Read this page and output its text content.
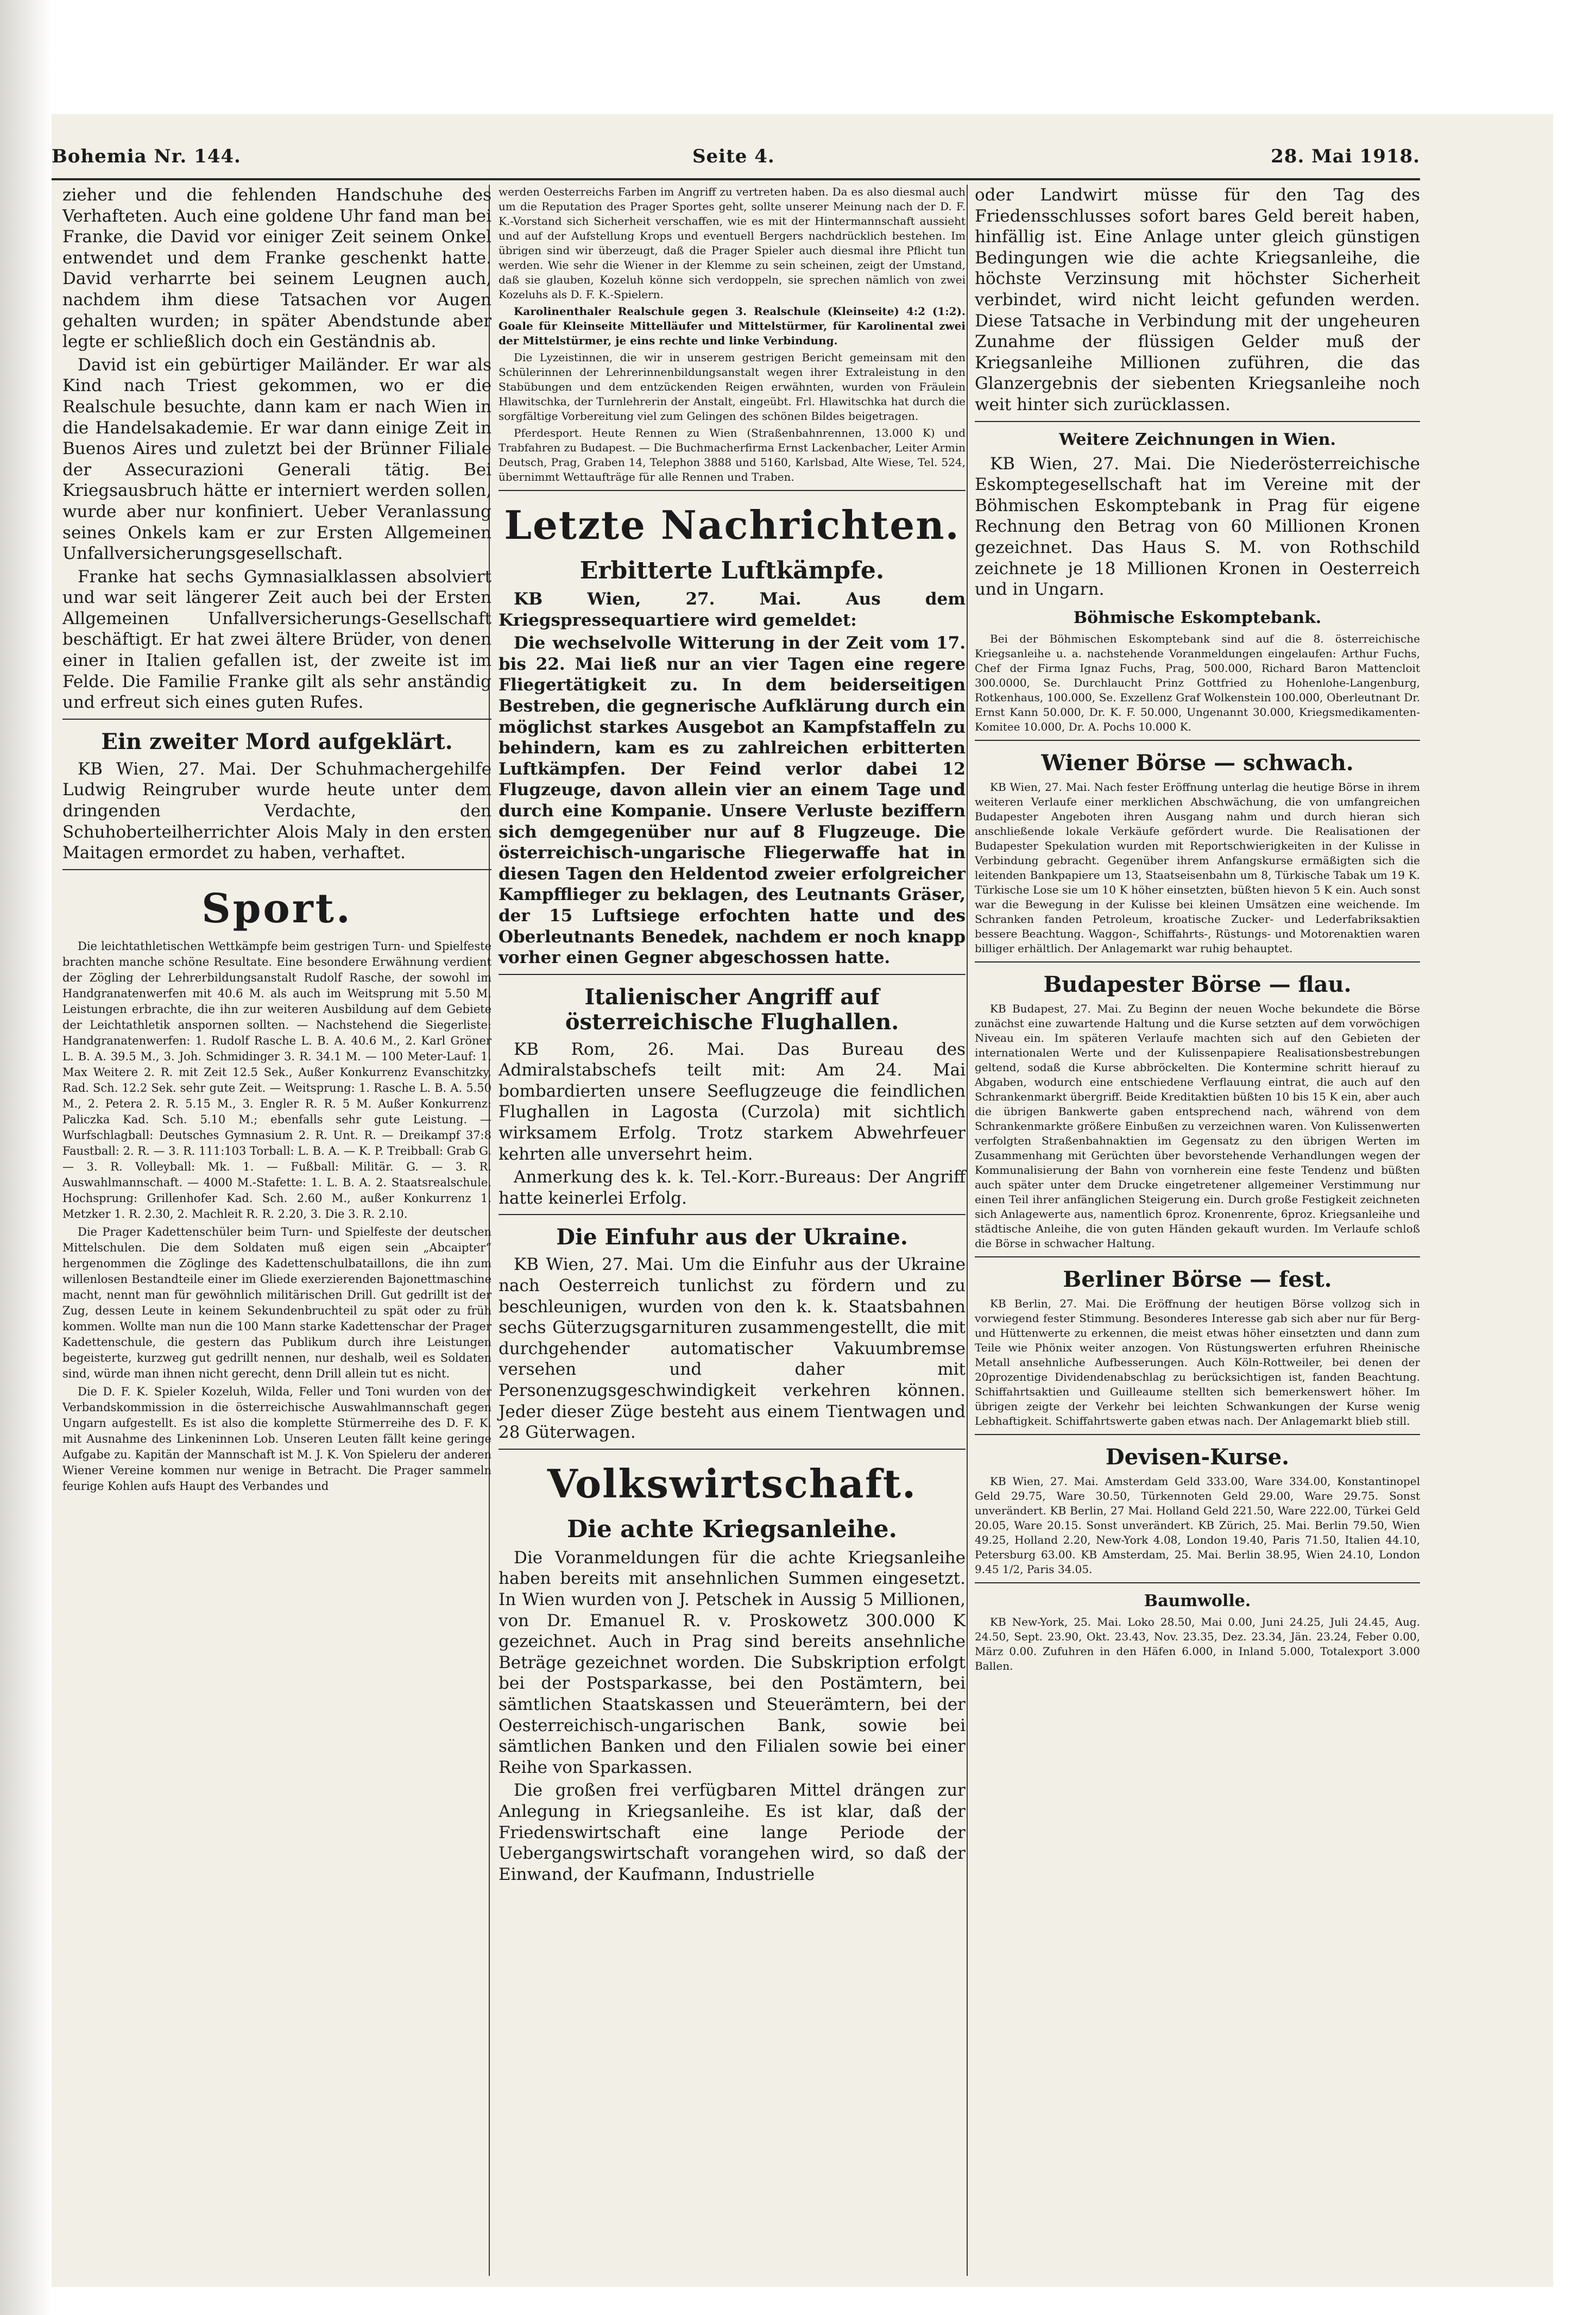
Bohemia Nr. 144.	Seite 4.	28. Mai 1918.

zieher und die fehlenden Handschuhe des Verhafteten. Auch eine goldene Uhr fand man bei Franke, die David vor einiger Zeit seinem Onkel entwendet und dem Franke geschenkt hatte. David verharrte bei seinem Leugnen auch, nachdem ihm diese Tatsachen vor Augen gehalten wurden; in später Abendstunde aber legte er schließlich doch ein Geständnis ab.

David ist ein gebürtiger Mailänder. Er war als Kind nach Triest gekommen, wo er die Realschule besuchte, dann kam er nach Wien in die Handelsakademie. Er war dann einige Zeit in Buenos Aires und zuletzt bei der Brünner Filiale der Assecurazioni Generali tätig. Bei Kriegsausbruch hätte er interniert werden sollen, wurde aber nur konfiniert. Ueber Veranlassung seines Onkels kam er zur Ersten Allgemeinen Unfallversicherungsgesellschaft.

Franke hat sechs Gymnasialklassen absolviert und war seit längerer Zeit auch bei der Ersten Allgemeinen Unfallversicherungs-Gesellschaft beschäftigt. Er hat zwei ältere Brüder, von denen einer in Italien gefallen ist, der zweite ist im Felde. Die Familie Franke gilt als sehr anständig und erfreut sich eines guten Rufes.

Ein zweiter Mord aufgeklärt.

KB Wien, 27. Mai. Der Schuhmachergehilfe Ludwig Reingruber wurde heute unter dem dringenden Verdachte, den Schuhoberteilherrichter Alois Maly in den ersten Maitagen ermordet zu haben, verhaftet.

Sport.

Die leichtathletischen Wettkämpfe beim gestrigen Turn- und Spielfeste brachten manche schöne Resultate. Eine besondere Erwähnung verdient der Zögling der Lehrerbildungsanstalt Rudolf Rasche, der sowohl im Handgranatenwerfen mit 40.6 M. als auch im Weitsprung mit 5.50 M. Leistungen erbrachte, die ihn zur weiteren Ausbildung auf dem Gebiete der Leichtathletik anspornen sollten. — Nachstehend die Siegerliste: Handgranatenwerfen: 1. Rudolf Rasche L. B. A. 40.6 M., 2. Karl Gröner L. B. A. 39.5 M., 3. Joh. Schmidinger 3. R. 34.1 M. — 100 Meter-Lauf: 1. Max Weitere 2. R. mit Zeit 12.5 Sek., Außer Konkurrenz Evanschitzky, Rad. Sch. 12.2 Sek. sehr gute Zeit. — Weitsprung: 1. Rasche L. B. A. 5.50 M., 2. Petera 2. R. 5.15 M., 3. Engler R. R. 5 M. Außer Konkurrenz: Paliczka Kad. Sch. 5.10 M.; ebenfalls sehr gute Leistung. — Wurfschlagball: Deutsches Gymnasium 2. R. Unt. R. — Dreikampf 37:8 Faustball: 2. R. — 3. R. 111:103 Torball: L. B. A. — K. P. Treibball: Grab G. — 3. R. Volleyball: Mk. 1. — Fußball: Militär. G. — 3. R. Auswahlmannschaft. — 4000 M.-Stafette: 1. L. B. A. 2. Staatsrealschule. Hochsprung: Grillenhofer Kad. Sch. 2.60 M., außer Konkurrenz 1. Metzker 1. R. 2.30, 2. Machleit R. R. 2.20, 3. Die 3. R. 2.10.

Die Prager Kadettenschüler beim Turn- und Spielfeste der deutschen Mittelschulen. Die dem Soldaten muß eigen sein „Abcaipter“ hergenommen die Zöglinge des Kadettenschulbataillons, die ihn zum willenlosen Bestandteile einer im Gliede exerzierenden Bajonettmaschine macht, nennt man für gewöhnlich militärischen Drill. Gut gedrillt ist der Zug, dessen Leute in keinem Sekundenbruchteil zu spät oder zu früh kommen. Wollte man nun die 100 Mann starke Kadettenschar der Prager Kadettenschule, die gestern das Publikum durch ihre Leistungen begeisterte, kurzweg gut gedrillt nennen, nur deshalb, weil es Soldaten sind, würde man ihnen nicht gerecht, denn Drill allein tut es nicht.

Die D. F. K. Spieler Kozeluh, Wilda, Feller und Toni wurden von der Verbandskommission in die österreichische Auswahlmannschaft gegen Ungarn aufgestellt. Es ist also die komplette Stürmerreihe des D. F. K. mit Ausnahme des Linkeninnen Lob. Unseren Leuten fällt keine geringe Aufgabe zu. Kapitän der Mannschaft ist M. J. K. Von Spieleru der anderen Wiener Vereine kommen nur wenige in Betracht. Die Prager sammeln feurige Kohlen aufs Haupt des Verbandes und

werden Oesterreichs Farben im Angriff zu vertreten haben. Da es also diesmal auch um die Reputation des Prager Sportes geht, sollte unserer Meinung nach der D. F. K.-Vorstand sich Sicherheit verschaffen, wie es mit der Hintermannschaft aussieht und auf der Aufstellung Krops und eventuell Bergers nachdrücklich bestehen. Im übrigen sind wir überzeugt, daß die Prager Spieler auch diesmal ihre Pflicht tun werden. Wie sehr die Wiener in der Klemme zu sein scheinen, zeigt der Umstand, daß sie glauben, Kozeluh könne sich verdoppeln, sie sprechen nämlich von zwei Kozeluhs als D. F. K.-Spielern.

Karolinenthaler Realschule gegen 3. Realschule (Kleinseite) 4:2 (1:2). Goale für Kleinseite Mittelläufer und Mittelstürmer, für Karolinental zwei der Mittelstürmer, je eins rechte und linke Verbindung.

Die Lyzeistinnen, die wir in unserem gestrigen Bericht gemeinsam mit den Schülerinnen der Lehrerinnenbildungsanstalt wegen ihrer Extraleistung in den Stabübungen und dem entzückenden Reigen erwähnten, wurden von Fräulein Hlawitschka, der Turnlehrerin der Anstalt, eingeübt. Frl. Hlawitschka hat durch die sorgfältige Vorbereitung viel zum Gelingen des schönen Bildes beigetragen.

Pferdesport. Heute Rennen zu Wien (Straßenbahnrennen, 13.000 K) und Trabfahren zu Budapest. — Die Buchmacherfirma Ernst Lackenbacher, Leiter Armin Deutsch, Prag, Graben 14, Telephon 3888 und 5160, Karlsbad, Alte Wiese, Tel. 524, übernimmt Wettaufträge für alle Rennen und Traben.

Letzte Nachrichten.
Erbitterte Luftkämpfe.

KB Wien, 27. Mai. Aus dem Kriegspressequartiere wird gemeldet:

Die wechselvolle Witterung in der Zeit vom 17. bis 22. Mai ließ nur an vier Tagen eine regere Fliegertätigkeit zu. In dem beiderseitigen Bestreben, die gegnerische Aufklärung durch ein möglichst starkes Ausgebot an Kampfstaffeln zu behindern, kam es zu zahlreichen erbitterten Luftkämpfen. Der Feind verlor dabei 12 Flugzeuge, davon allein vier an einem Tage und durch eine Kompanie. Unsere Verluste beziffern sich demgegenüber nur auf 8 Flugzeuge. Die österreichisch-ungarische Fliegerwaffe hat in diesen Tagen den Heldentod zweier erfolgreicher Kampfflieger zu beklagen, des Leutnants Gräser, der 15 Luftsiege erfochten hatte und des Oberleutnants Benedek, nachdem er noch knapp vorher einen Gegner abgeschossen hatte.

Italienischer Angriff auf österreichische Flughallen.

KB Rom, 26. Mai. Das Bureau des Admiralstabschefs teilt mit: Am 24. Mai bombardierten unsere Seeflugzeuge die feindlichen Flughallen in Lagosta (Curzola) mit sichtlich wirksamem Erfolg. Trotz starkem Abwehrfeuer kehrten alle unversehrt heim.

Anmerkung des k. k. Tel.-Korr.-Bureaus: Der Angriff hatte keinerlei Erfolg.

Die Einfuhr aus der Ukraine.

KB Wien, 27. Mai. Um die Einfuhr aus der Ukraine nach Oesterreich tunlichst zu fördern und zu beschleunigen, wurden von den k. k. Staatsbahnen sechs Güterzugsgarnituren zusammengestellt, die mit durchgehender automatischer Vakuumbremse versehen und daher mit Personenzugsgeschwindigkeit verkehren können. Jeder dieser Züge besteht aus einem Tientwagen und 28 Güterwagen.

Volkswirtschaft.
Die achte Kriegsanleihe.

Die Voranmeldungen für die achte Kriegsanleihe haben bereits mit ansehnlichen Summen eingesetzt. In Wien wurden von J. Petschek in Aussig 5 Millionen, von Dr. Emanuel R. v. Proskowetz 300.000 K gezeichnet. Auch in Prag sind bereits ansehnliche Beträge gezeichnet worden. Die Subskription erfolgt bei der Postsparkasse, bei den Postämtern, bei sämtlichen Staatskassen und Steuerämtern, bei der Oesterreichisch-ungarischen Bank, sowie bei sämtlichen Banken und den Filialen sowie bei einer Reihe von Sparkassen.

Die großen frei verfügbaren Mittel drängen zur Anlegung in Kriegsanleihe. Es ist klar, daß der Friedenswirtschaft eine lange Periode der Uebergangswirtschaft vorangehen wird, so daß der Einwand, der Kaufmann, Industrielle

oder Landwirt müsse für den Tag des Friedensschlusses sofort bares Geld bereit haben, hinfällig ist. Eine Anlage unter gleich günstigen Bedingungen wie die achte Kriegsanleihe, die höchste Verzinsung mit höchster Sicherheit verbindet, wird nicht leicht gefunden werden. Diese Tatsache in Verbindung mit der ungeheuren Zunahme der flüssigen Gelder muß der Kriegsanleihe Millionen zuführen, die das Glanzergebnis der siebenten Kriegsanleihe noch weit hinter sich zurücklassen.

Weitere Zeichnungen in Wien.

KB Wien, 27. Mai. Die Niederösterreichische Eskomptegesellschaft hat im Vereine mit der Böhmischen Eskomptebank in Prag für eigene Rechnung den Betrag von 60 Millionen Kronen gezeichnet. Das Haus S. M. von Rothschild zeichnete je 18 Millionen Kronen in Oesterreich und in Ungarn.

Böhmische Eskomptebank.

Bei der Böhmischen Eskomptebank sind auf die 8. österreichische Kriegsanleihe u. a. nachstehende Voranmeldungen eingelaufen: Arthur Fuchs, Chef der Firma Ignaz Fuchs, Prag, 500.000, Richard Baron Mattencloit 300.0000, Se. Durchlaucht Prinz Gottfried zu Hohenlohe-Langenburg, Rotkenhaus, 100.000, Se. Exzellenz Graf Wolkenstein 100.000, Oberleutnant Dr. Ernst Kann 50.000, Dr. K. F. 50.000, Ungenannt 30.000, Kriegsmedikamenten-Komitee 10.000, Dr. A. Pochs 10.000 K.

Wiener Börse — schwach.

KB Wien, 27. Mai. Nach fester Eröffnung unterlag die heutige Börse in ihrem weiteren Verlaufe einer merklichen Abschwächung, die von umfangreichen Budapester Angeboten ihren Ausgang nahm und durch hieran sich anschließende lokale Verkäufe gefördert wurde. Die Realisationen der Budapester Spekulation wurden mit Reportschwierigkeiten in der Kulisse in Verbindung gebracht. Gegenüber ihrem Anfangskurse ermäßigten sich die leitenden Bankpapiere um 13, Staatseisenbahn um 8, Türkische Tabak um 19 K. Türkische Lose sie um 10 K höher einsetzten, büßten hievon 5 K ein. Auch sonst war die Bewegung in der Kulisse bei kleinen Umsätzen eine weichende. Im Schranken fanden Petroleum, kroatische Zucker- und Lederfabriksaktien bessere Beachtung. Waggon-, Schiffahrts-, Rüstungs- und Motorenaktien waren billiger erhältlich. Der Anlagemarkt war ruhig behauptet.

Budapester Börse — flau.

KB Budapest, 27. Mai. Zu Beginn der neuen Woche bekundete die Börse zunächst eine zuwartende Haltung und die Kurse setzten auf dem vorwöchigen Niveau ein. Im späteren Verlaufe machten sich auf den Gebieten der internationalen Werte und der Kulissenpapiere Realisationsbestrebungen geltend, sodaß die Kurse abbröckelten. Die Kontermine schritt hierauf zu Abgaben, wodurch eine entschiedene Verflauung eintrat, die auch auf den Schrankenmarkt übergriff. Beide Kreditaktien büßten 10 bis 15 K ein, aber auch die übrigen Bankwerte gaben entsprechend nach, während von dem Schrankenmarkte größere Einbußen zu verzeichnen waren. Von Kulissenwerten verfolgten Straßenbahnaktien im Gegensatz zu den übrigen Werten im Zusammenhang mit Gerüchten über bevorstehende Verhandlungen wegen der Kommunalisierung der Bahn von vornherein eine feste Tendenz und büßten auch später unter dem Drucke eingetretener allgemeiner Verstimmung nur einen Teil ihrer anfänglichen Steigerung ein. Durch große Festigkeit zeichneten sich Anlagewerte aus, namentlich 6proz. Kronenrente, 6proz. Kriegsanleihe und städtische Anleihe, die von guten Händen gekauft wurden. Im Verlaufe schloß die Börse in schwacher Haltung.

Berliner Börse — fest.

KB Berlin, 27. Mai. Die Eröffnung der heutigen Börse vollzog sich in vorwiegend fester Stimmung. Besonderes Interesse gab sich aber nur für Berg- und Hüttenwerte zu erkennen, die meist etwas höher einsetzten und dann zum Teile wie Phönix weiter anzogen. Von Rüstungswerten erfuhren Rheinische Metall ansehnliche Aufbesserungen. Auch Köln-Rottweiler, bei denen der 20prozentige Dividendenabschlag zu berücksichtigen ist, fanden Beachtung. Schiffahrtsaktien und Guilleaume stellten sich bemerkenswert höher. Im übrigen zeigte der Verkehr bei leichten Schwankungen der Kurse wenig Lebhaftigkeit. Schiffahrtswerte gaben etwas nach. Der Anlagemarkt blieb still.

Devisen-Kurse.

KB Wien, 27. Mai. Amsterdam Geld 333.00, Ware 334.00, Konstantinopel Geld 29.75, Ware 30.50, Türkennoten Geld 29.00, Ware 29.75. Sonst unverändert. KB Berlin, 27 Mai. Holland Geld 221.50, Ware 222.00, Türkei Geld 20.05, Ware 20.15. Sonst unverändert. KB Zürich, 25. Mai. Berlin 79.50, Wien 49.25, Holland 2.20, New-York 4.08, London 19.40, Paris 71.50, Italien 44.10, Petersburg 63.00. KB Amsterdam, 25. Mai. Berlin 38.95, Wien 24.10, London 9.45 1/2, Paris 34.05.

Baumwolle.

KB New-York, 25. Mai. Loko 28.50, Mai 0.00, Juni 24.25, Juli 24.45, Aug. 24.50, Sept. 23.90, Okt. 23.43, Nov. 23.35, Dez. 23.34, Jän. 23.24, Feber 0.00, März 0.00. Zufuhren in den Häfen 6.000, in Inland 5.000, Totalexport 3.000 Ballen.
